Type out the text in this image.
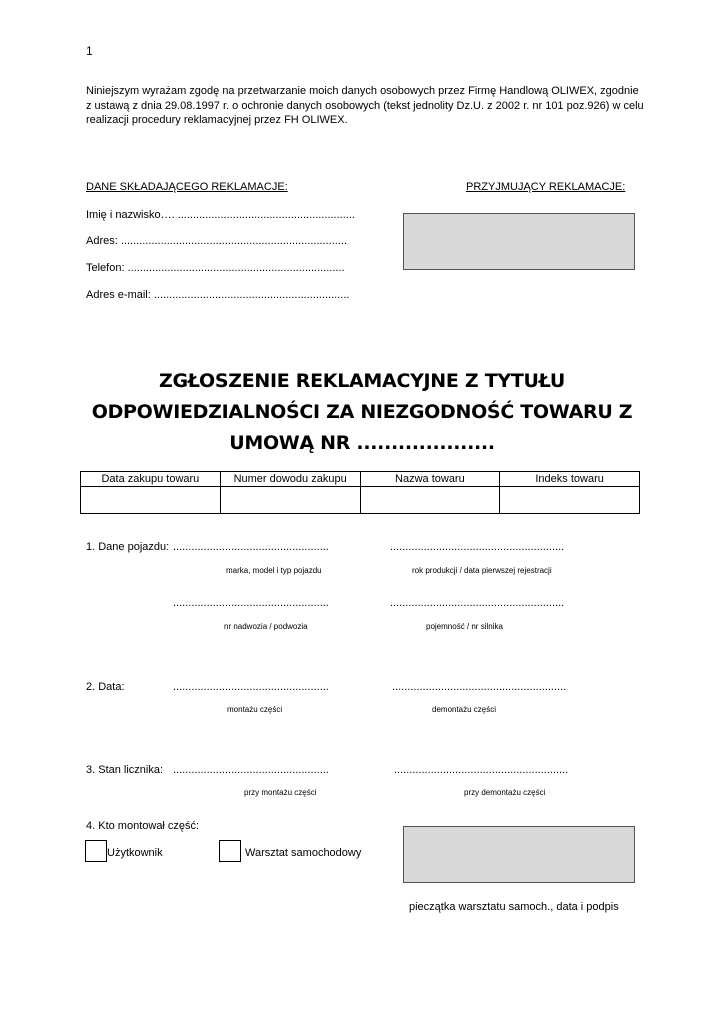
1
Niniejszym wyrażam zgodę na przetwarzanie moich danych osobowych przez Firmę Handlową OLIWEX, zgodnie z ustawą z dnia 29.08.1997 r. o ochronie danych osobowych (tekst jednolity Dz.U. z 2002 r. nr 101 poz.926) w celu realizacji procedury reklamacyjnej przez FH OLIWEX.
DANE SKŁADAJĄCEGO REKLAMACJE:	PRZYJMUJĄCY REKLAMACJE:
Imię i nazwisko…. ..........................................................
Adres: ..........................................................................
Telefon: .......................................................................
Adres e-mail: ................................................................
ZGŁOSZENIE REKLAMACYJNE Z TYTUŁU
ODPOWIEDZIALNOŚCI ZA NIEZGODNOŚĆ TOWARU Z
UMOWĄ NR ....................
Data zakupu towaru	Numer dowodu zakupu	Nazwa towaru	Indeks towaru

1. Dane pojazdu: ...................................................	.........................................................
marka, model i typ pojazdu	rok produkcji / data pierwszej rejestracji
...................................................	.........................................................
nr nadwozia / podwozia	pojemność / nr silnika
2. Data:	...................................................	.........................................................
montażu części	demontażu części
3. Stan licznika: ...................................................	.........................................................
przy montażu części	przy demontażu części
4. Kto montował część:
Użytkownik	Warsztat samochodowy
pieczątka warsztatu samoch., data i podpis
